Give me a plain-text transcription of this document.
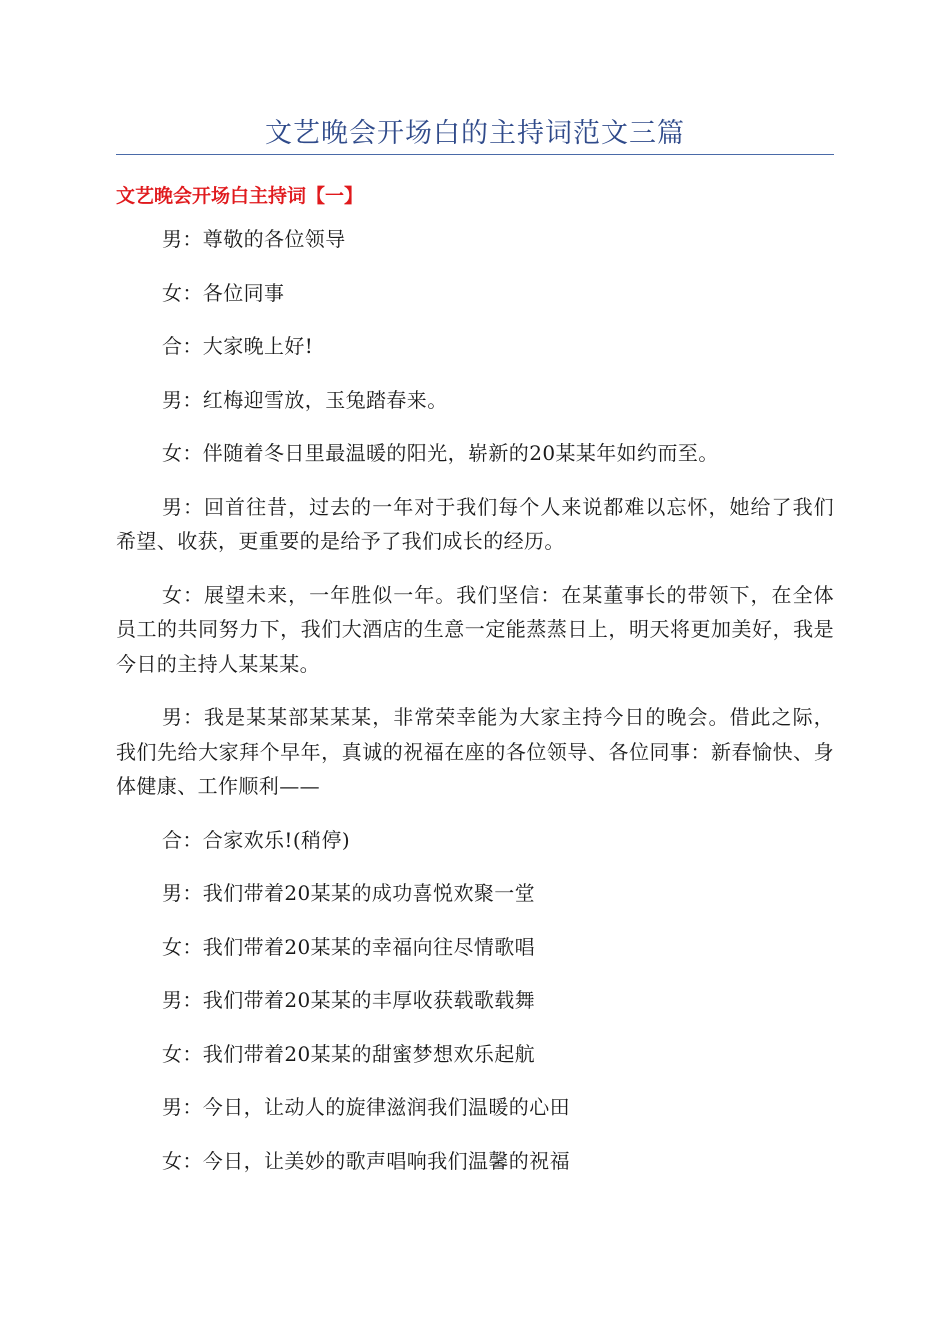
文艺晚会开场白的主持词范文三篇
文艺晚会开场白主持词【一】

男：尊敬的各位领导

女：各位同事

合：大家晚上好!

男：红梅迎雪放，玉兔踏春来。

女：伴随着冬日里最温暖的阳光，崭新的20某某年如约而至。

男：回首往昔，过去的一年对于我们每个人来说都难以忘怀，她给了我们希望、收获，更重要的是给予了我们成长的经历。

女：展望未来，一年胜似一年。我们坚信：在某董事长的带领下，在全体员工的共同努力下，我们大酒店的生意一定能蒸蒸日上，明天将更加美好，我是今日的主持人某某某。

男：我是某某部某某某，非常荣幸能为大家主持今日的晚会。借此之际，我们先给大家拜个早年，真诚的祝福在座的各位领导、各位同事：新春愉快、身体健康、工作顺利——

合：合家欢乐!(稍停)

男：我们带着20某某的成功喜悦欢聚一堂

女：我们带着20某某的幸福向往尽情歌唱

男：我们带着20某某的丰厚收获载歌载舞

女：我们带着20某某的甜蜜梦想欢乐起航

男：今日，让动人的旋律滋润我们温暖的心田

女：今日，让美妙的歌声唱响我们温馨的祝福
